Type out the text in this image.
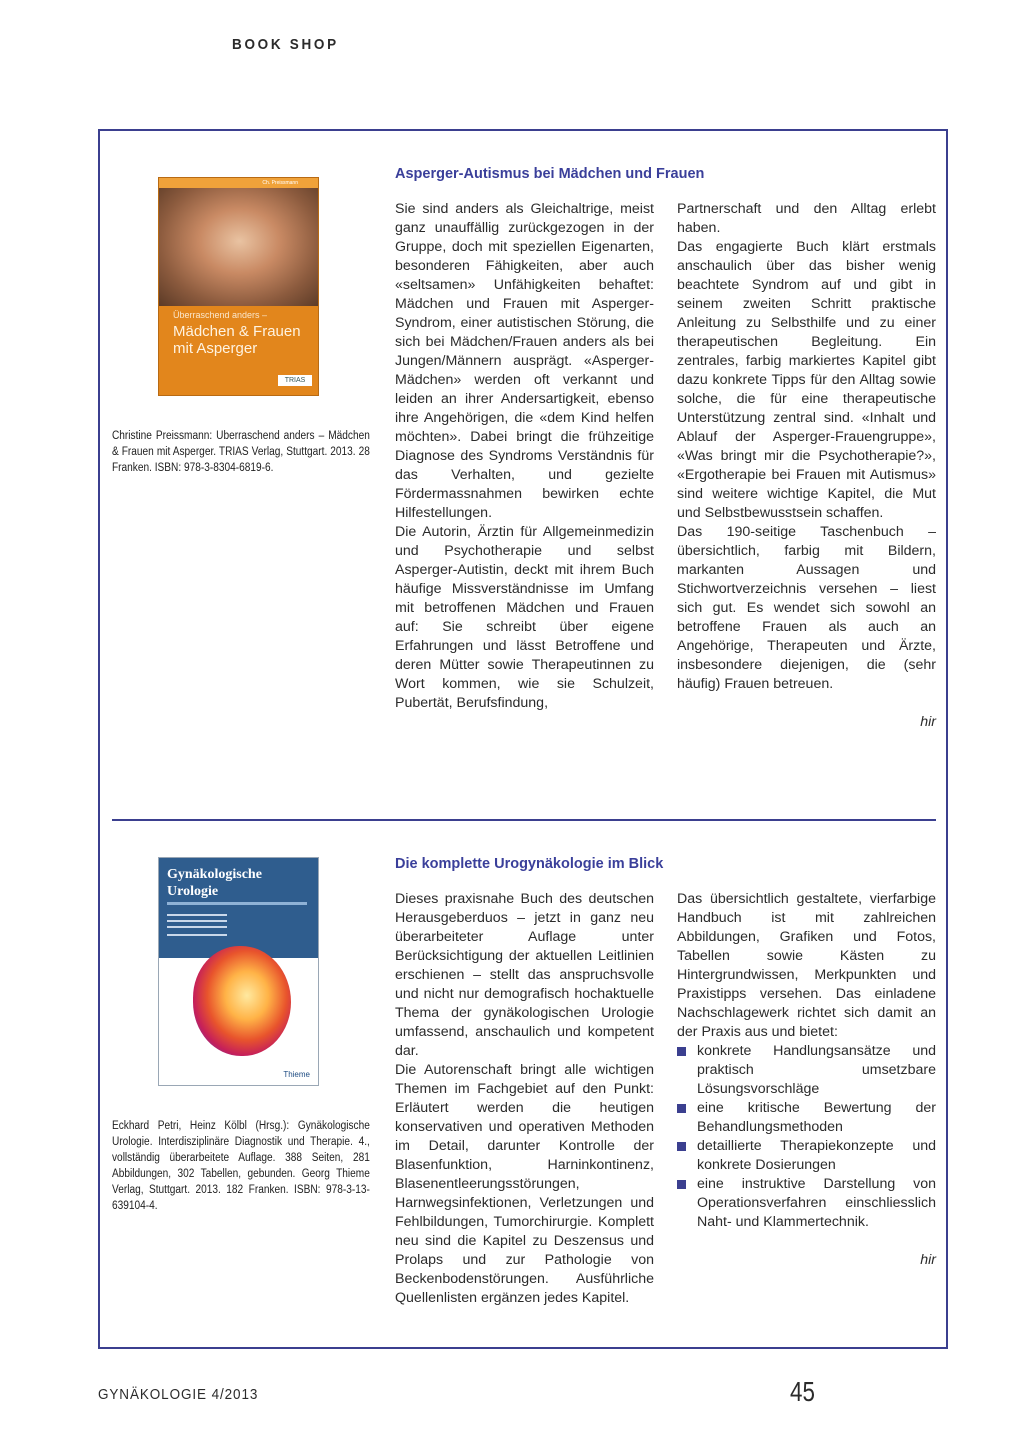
BOOK SHOP
Ch. Preissmann
Überraschend anders –
Mädchen & Frauen mit Asperger
TRIAS
Christine Preissmann: Überraschend anders – Mädchen & Frauen mit Asperger. TRIAS Verlag, Stuttgart. 2013. 28 Franken. ISBN: 978-3-8304-6819-6.
Asperger-Autismus bei Mädchen und Frauen

Sie sind anders als Gleichaltrige, meist ganz unauffällig zurückgezogen in der Gruppe, doch mit speziellen Eigenarten, besonderen Fähigkeiten, aber auch «seltsamen» Unfähigkeiten behaftet: Mädchen und Frauen mit Asperger-Syndrom, einer autistischen Störung, die sich bei Mädchen/Frauen anders als bei Jungen/Männern ausprägt. «Asperger-Mädchen» werden oft verkannt und leiden an ihrer Andersartigkeit, ebenso ihre Angehörigen, die «dem Kind helfen möchten». Dabei bringt die frühzeitige Diagnose des Syndroms Verständnis für das Verhalten, und gezielte Fördermassnahmen bewirken echte Hilfestellungen.

Die Autorin, Ärztin für Allgemeinmedizin und Psychotherapie und selbst Asperger-Autistin, deckt mit ihrem Buch häufige Missverständnisse im Umfang mit betroffenen Mädchen und Frauen auf: Sie schreibt über eigene Erfahrungen und lässt Betroffene und deren Mütter sowie Therapeutinnen zu Wort kommen, wie sie Schulzeit, Pubertät, Berufsfindung,

Partnerschaft und den Alltag erlebt haben.

Das engagierte Buch klärt erstmals anschaulich über das bisher wenig beachtete Syndrom auf und gibt in seinem zweiten Schritt praktische Anleitung zu Selbsthilfe und zu einer therapeutischen Begleitung. Ein zentrales, farbig markiertes Kapitel gibt dazu konkrete Tipps für den Alltag sowie solche, die für eine therapeutische Unterstützung zentral sind. «Inhalt und Ablauf der Asperger-Frauengruppe», «Was bringt mir die Psychotherapie?», «Ergotherapie bei Frauen mit Autismus» sind weitere wichtige Kapitel, die Mut und Selbstbewusstsein schaffen.

Das 190-seitige Taschenbuch – übersichtlich, farbig mit Bildern, markanten Aussagen und Stichwortverzeichnis versehen – liest sich gut. Es wendet sich sowohl an betroffene Frauen als auch an Angehörige, Therapeuten und Ärzte, insbesondere diejenigen, die (sehr häufig) Frauen betreuen.

hir
Gynäkologische
Urologie
Thieme
Eckhard Petri, Heinz Kölbl (Hrsg.): Gynäkologische Urologie. Interdisziplinäre Diagnostik und Therapie. 4., vollständig überarbeitete Auflage. 388 Seiten, 281 Abbildungen, 302 Tabellen, gebunden. Georg Thieme Verlag, Stuttgart. 2013. 182 Franken. ISBN: 978-3-13-639104-4.
Die komplette Urogynäkologie im Blick

Dieses praxisnahe Buch des deutschen Herausgeberduos – jetzt in ganz neu überarbeiteter Auflage unter Berücksichtigung der aktuellen Leitlinien erschienen – stellt das anspruchsvolle und nicht nur demografisch hochaktuelle Thema der gynäkologischen Urologie umfassend, anschaulich und kompetent dar.

Die Autorenschaft bringt alle wichtigen Themen im Fachgebiet auf den Punkt: Erläutert werden die heutigen konservativen und operativen Methoden im Detail, darunter Kontrolle der Blasenfunktion, Harninkontinenz, Blasenentleerungsstörungen, Harnwegsinfektionen, Verletzungen und Fehlbildungen, Tumorchirurgie. Komplett neu sind die Kapitel zu Deszensus und Prolaps und zur Pathologie von Beckenbodenstörungen. Ausführliche Quellenlisten ergänzen jedes Kapitel.

Das übersichtlich gestaltete, vierfarbige Handbuch ist mit zahlreichen Abbildungen, Grafiken und Fotos, Tabellen sowie Kästen zu Hintergrundwissen, Merkpunkten und Praxistipps versehen. Das einladene Nachschlagewerk richtet sich damit an der Praxis aus und bietet:

konkrete Handlungsansätze und praktisch umsetzbare Lösungsvorschläge
eine kritische Bewertung der Behandlungsmethoden
detaillierte Therapiekonzepte und konkrete Dosierungen
eine instruktive Darstellung von Operationsverfahren einschliesslich Naht- und Klammertechnik.
hir
GYNÄKOLOGIE 4/2013	45
